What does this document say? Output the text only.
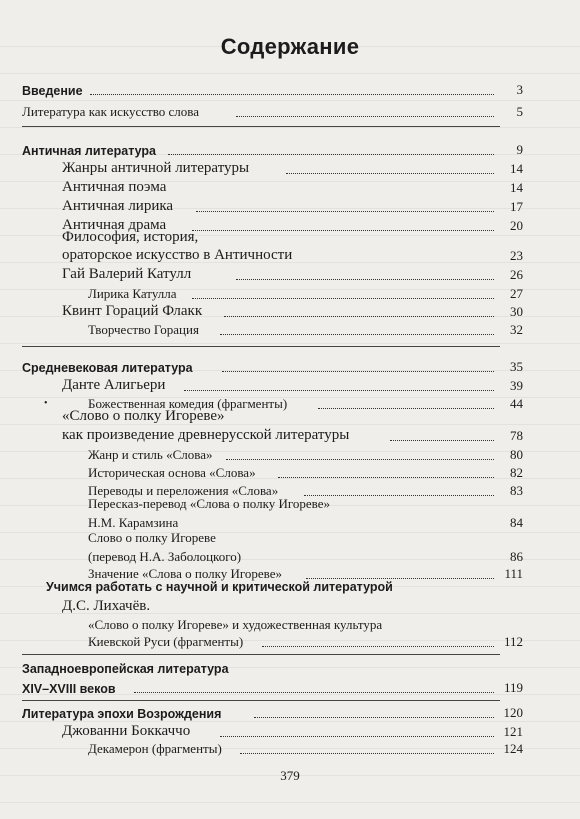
Содержание
Введение	3
Литература как искусство слова	5
Античная литература	9
Жанры античной литературы	14
Античная поэма	14
Античная лирика	17
Античная драма	20
Философия, история,
ораторское искусство в Античности	23
Гай Валерий Катулл	26
Лирика Катулла	27
Квинт Гораций Флакк	30
Творчество Горация	32
Средневековая литература	35
Данте Алигьери	39
•	Божественная комедия (фрагменты)	44
«Слово о полку Игореве»
как произведение древнерусской литературы	78
Жанр и стиль «Слова»	80
Историческая основа «Слова»	82
Переводы и переложения «Слова»	83
Пересказ-перевод «Слова о полку Игореве»
Н.М. Карамзина	84
Слово о полку Игореве
(перевод Н.А. Заболоцкого)	86
Значение «Слова о полку Игореве»	111
Учимся работать с научной и критической литературой
Д.С. Лихачёв.
«Слово о полку Игореве» и художественная культура
Киевской Руси (фрагменты)	112
Западноевропейская литература
XIV–XVIII веков	119
Литература эпохи Возрождения	120
Джованни Боккаччо	121
Декамерон (фрагменты)	124
379
